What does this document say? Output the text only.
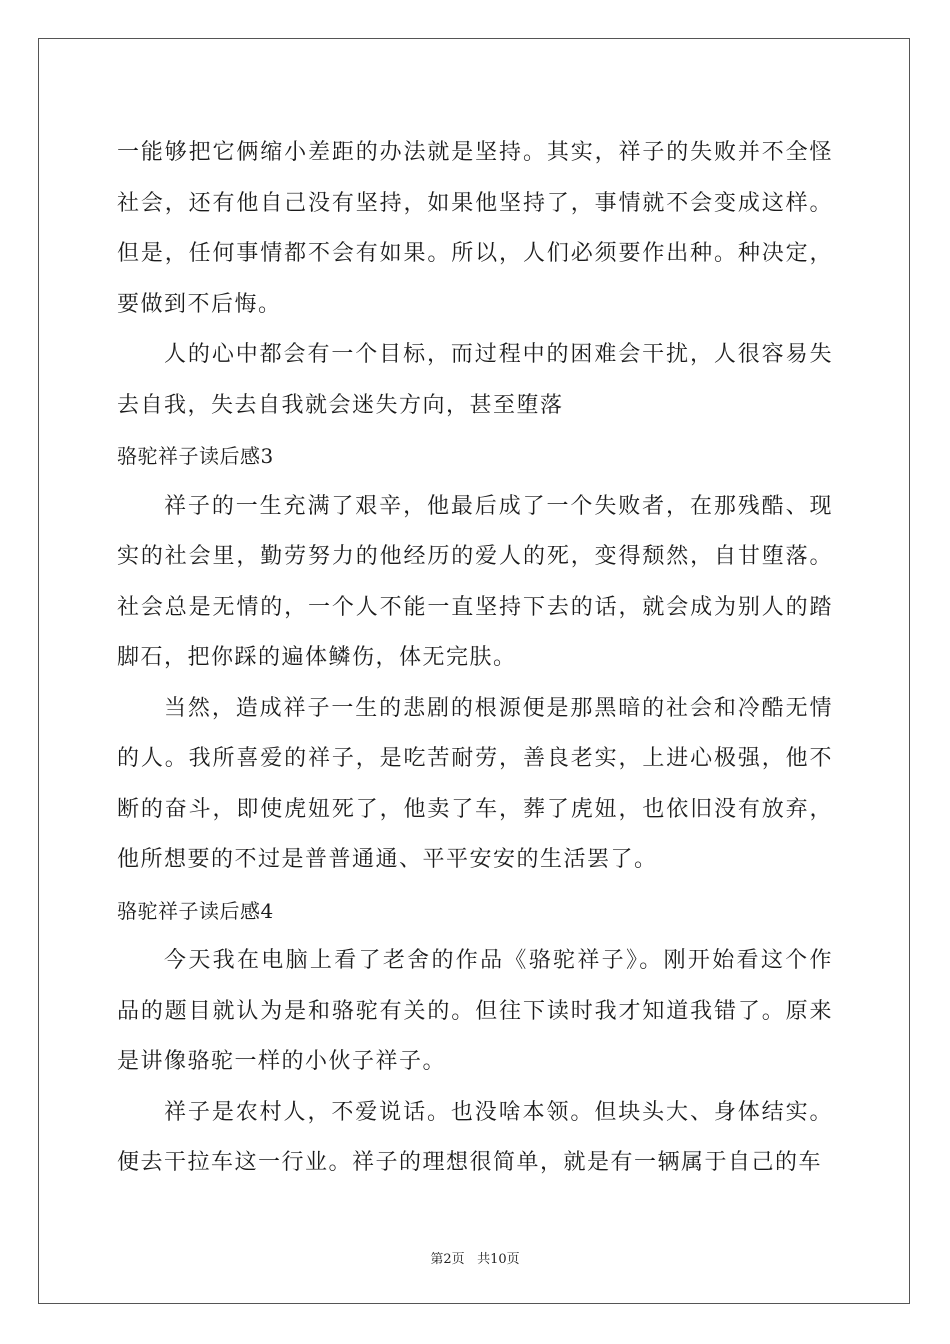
一能够把它俩缩小差距的办法就是坚持。其实，祥子的失败并不全怪社会，还有他自己没有坚持，如果他坚持了，事情就不会变成这样。但是，任何事情都不会有如果。所以，人们必须要作出种。种决定，要做到不后悔。

人的心中都会有一个目标，而过程中的困难会干扰，人很容易失去自我，失去自我就会迷失方向，甚至堕落

骆驼祥子读后感3

祥子的一生充满了艰辛，他最后成了一个失败者，在那残酷、现实的社会里，勤劳努力的他经历的爱人的死，变得颓然，自甘堕落。社会总是无情的，一个人不能一直坚持下去的话，就会成为别人的踏脚石，把你踩的遍体鳞伤，体无完肤。

当然，造成祥子一生的悲剧的根源便是那黑暗的社会和冷酷无情的人。我所喜爱的祥子，是吃苦耐劳，善良老实，上进心极强，他不断的奋斗，即使虎妞死了，他卖了车，葬了虎妞，也依旧没有放弃，他所想要的不过是普普通通、平平安安的生活罢了。

骆驼祥子读后感4

今天我在电脑上看了老舍的作品《骆驼祥子》。刚开始看这个作品的题目就认为是和骆驼有关的。但往下读时我才知道我错了。原来是讲像骆驼一样的小伙子祥子。

祥子是农村人，不爱说话。也没啥本领。但块头大、身体结实。便去干拉车这一行业。祥子的理想很简单，就是有一辆属于自己的车

第2页 共10页
